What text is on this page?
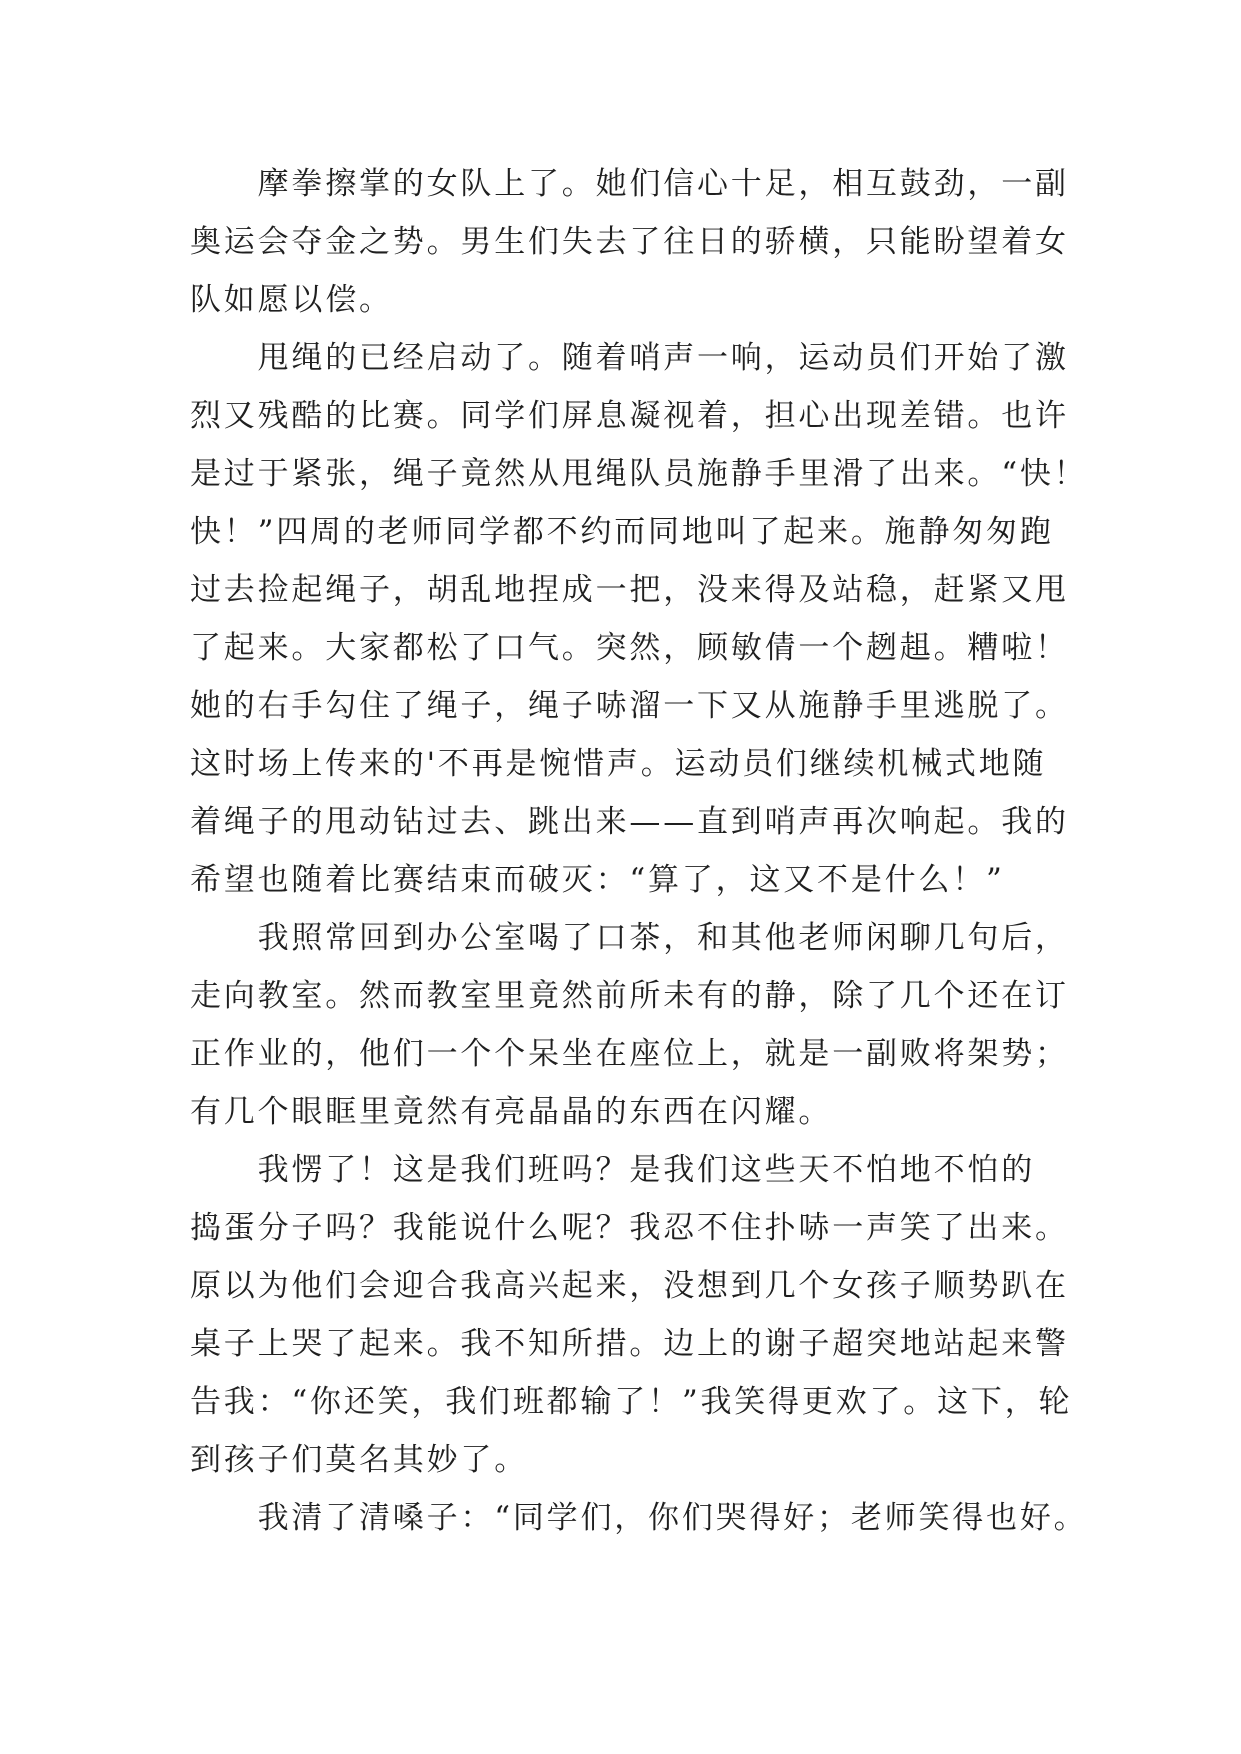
　　摩拳擦掌的女队上了。她们信心十足，相互鼓劲，一副
奥运会夺金之势。男生们失去了往日的骄横，只能盼望着女
队如愿以偿。
　　甩绳的已经启动了。随着哨声一响，运动员们开始了激
烈又残酷的比赛。同学们屏息凝视着，担心出现差错。也许
是过于紧张，绳子竟然从甩绳队员施静手里滑了出来。“快！
快！”四周的老师同学都不约而同地叫了起来。施静匆匆跑
过去捡起绳子，胡乱地捏成一把，没来得及站稳，赶紧又甩
了起来。大家都松了口气。突然，顾敏倩一个趔趄。糟啦！
她的右手勾住了绳子，绳子哧溜一下又从施静手里逃脱了。
这时场上传来的'不再是惋惜声。运动员们继续机械式地随
着绳子的甩动钻过去、跳出来——直到哨声再次响起。我的
希望也随着比赛结束而破灭：“算了，这又不是什么！”
　　我照常回到办公室喝了口茶，和其他老师闲聊几句后，
走向教室。然而教室里竟然前所未有的静，除了几个还在订
正作业的，他们一个个呆坐在座位上，就是一副败将架势；
有几个眼眶里竟然有亮晶晶的东西在闪耀。
　　我愣了！这是我们班吗？是我们这些天不怕地不怕的
捣蛋分子吗？我能说什么呢？我忍不住扑哧一声笑了出来。
原以为他们会迎合我高兴起来，没想到几个女孩子顺势趴在
桌子上哭了起来。我不知所措。边上的谢子超突地站起来警
告我：“你还笑，我们班都输了！”我笑得更欢了。这下，轮
到孩子们莫名其妙了。
　　我清了清嗓子：“同学们，你们哭得好；老师笑得也好。
